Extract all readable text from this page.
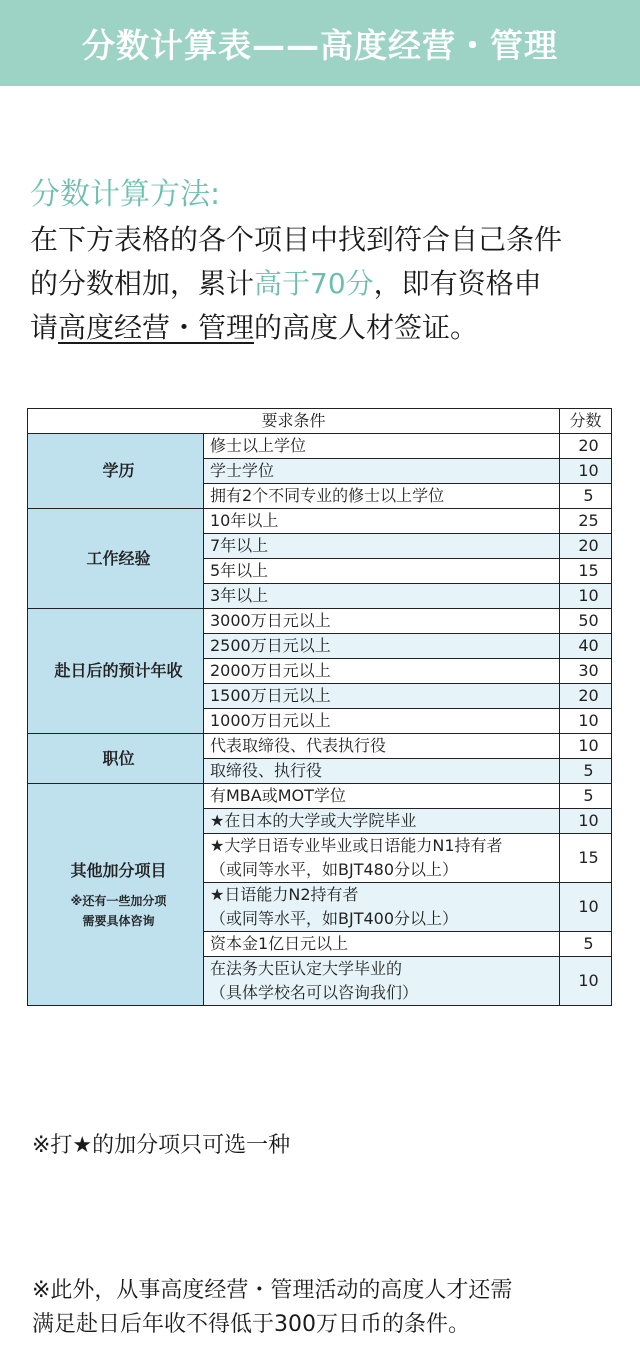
分数计算表——高度经营・管理

分数计算方法:

在下方表格的各个项目中找到符合自己条件
的分数相加，累计高于70分，即有资格申
请高度经营・管理的高度人材签证。

要求条件		分数
学历	修士以上学位	20
	学士学位	10
	拥有2个不同专业的修士以上学位	5
工作经验	10年以上	25
	7年以上	20
	5年以上	15
	3年以上	10
赴日后的预计年收	3000万日元以上	50
	2500万日元以上	40
	2000万日元以上	30
	1500万日元以上	20
	1000万日元以上	10
职位	代表取缔役、代表执行役	10
	取缔役、执行役	5
其他加分项目
※还有一些加分项
需要具体咨询	有MBA或MOT学位	5
	★在日本的大学或大学院毕业	10
	★大学日语专业毕业或日语能力N1持有者
（或同等水平，如BJT480分以上）	15
	★日语能力N2持有者
（或同等水平，如BJT400分以上）	10
	资本金1亿日元以上	5
	在法务大臣认定大学毕业的
（具体学校名可以咨询我们）	10

※打★的加分项只可选一种

※此外，从事高度经营・管理活动的高度人才还需
满足赴日后年收不得低于300万日币的条件。
